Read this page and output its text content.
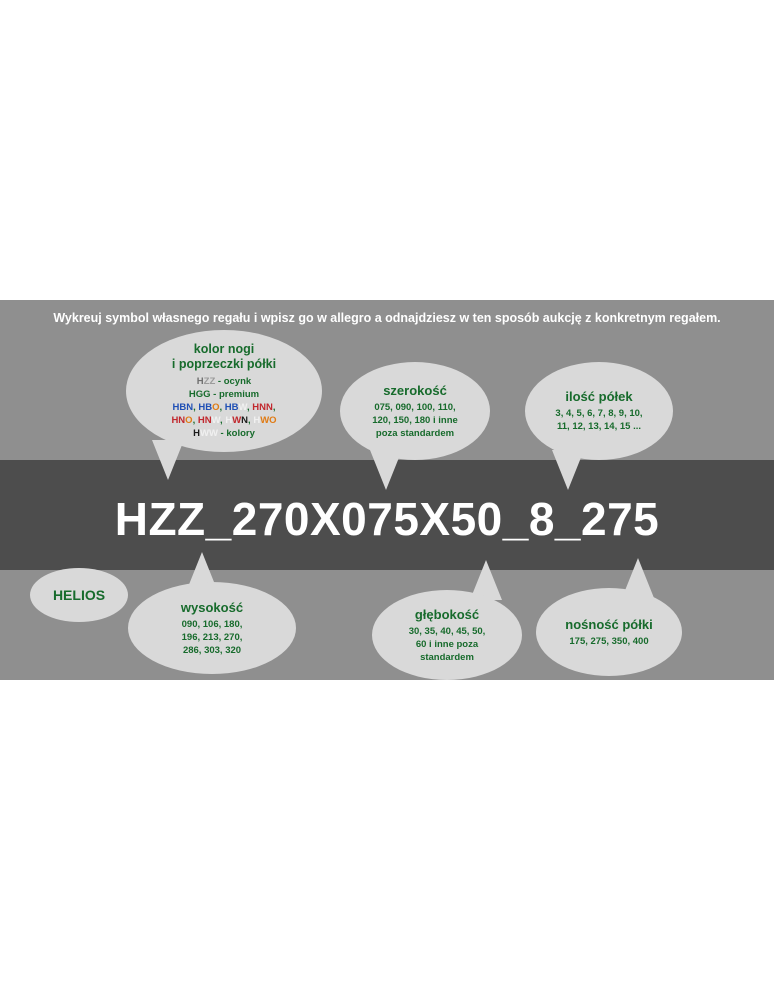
Wykreuj symbol własnego regału i wpisz go w allegro a odnajdziesz w ten sposób aukcję z konkretnym regałem.
HZZ_270X075X50_8_275
kolor nogi
i poprzeczki półki
HZZ - ocynk
HGG - premium
HBN, HBO, HBW, HNN,
HNO, HNW, HWN, HWO
HWW - kolory
szerokość
075, 090, 100, 110,
120, 150, 180 i inne
poza standardem
ilość półek
3, 4, 5, 6, 7, 8, 9, 10,
11, 12, 13, 14, 15 ...
HELIOS
wysokość
090, 106, 180,
196, 213, 270,
286, 303, 320
głębokość
30, 35, 40, 45, 50,
60 i inne poza
standardem
nośność półki
175, 275, 350, 400
